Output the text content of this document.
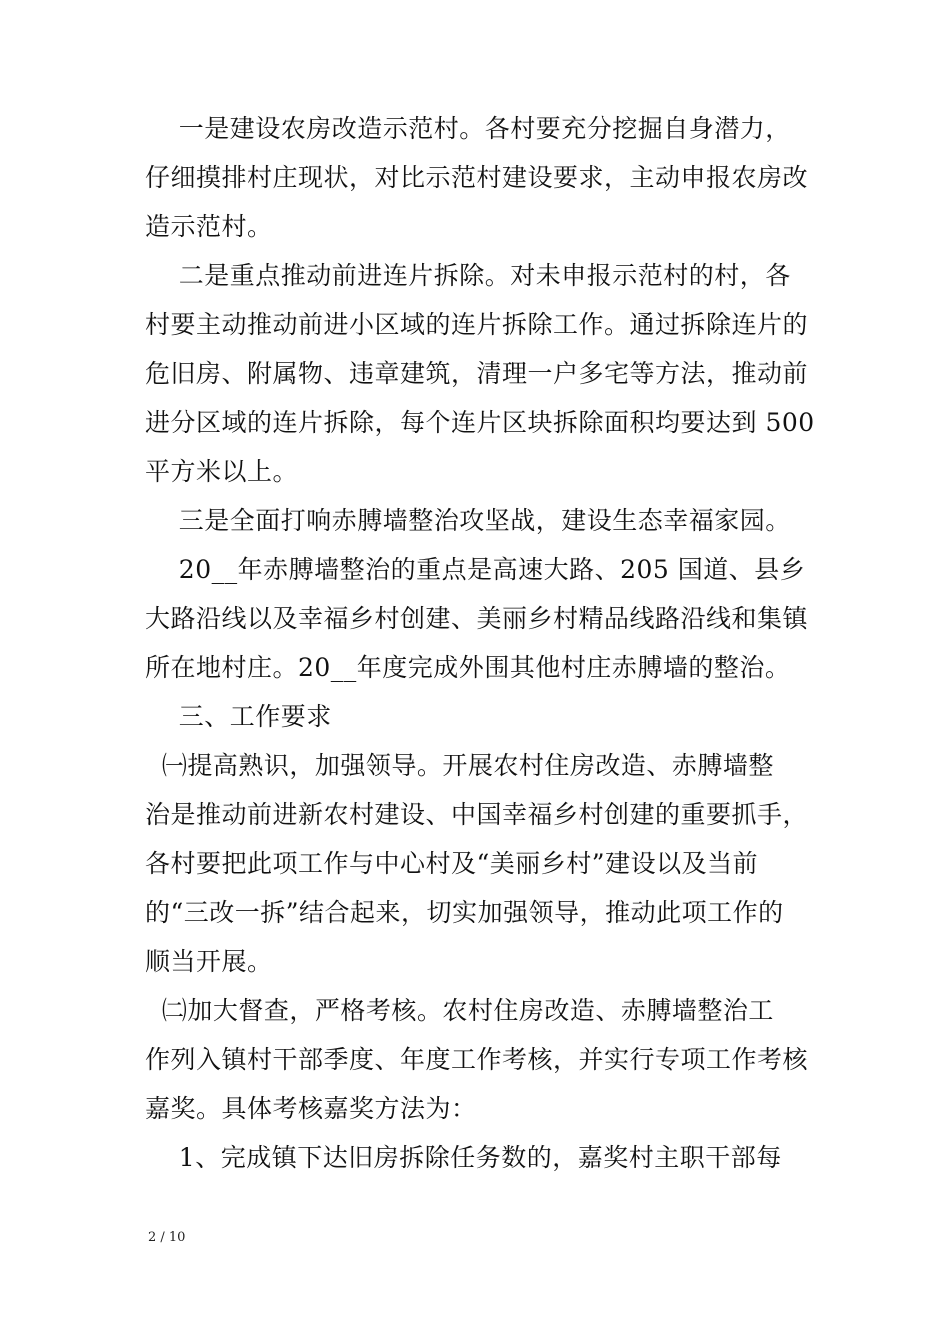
一是建设农房改造示范村。各村要充分挖掘自身潜力，
仔细摸排村庄现状，对比示范村建设要求，主动申报农房改
造示范村。
二是重点推动前进连片拆除。对未申报示范村的村，各
村要主动推动前进小区域的连片拆除工作。通过拆除连片的
危旧房、附属物、违章建筑，清理一户多宅等方法，推动前
进分区域的连片拆除，每个连片区块拆除面积均要达到 500
平方米以上。
三是全面打响赤膊墙整治攻坚战，建设生态幸福家园。
20__年赤膊墙整治的重点是高速大路、205 国道、县乡
大路沿线以及幸福乡村创建、美丽乡村精品线路沿线和集镇
所在地村庄。20__年度完成外围其他村庄赤膊墙的整治。
三、工作要求
㈠提高熟识，加强领导。开展农村住房改造、赤膊墙整
治是推动前进新农村建设、中国幸福乡村创建的重要抓手，
各村要把此项工作与中心村及“美丽乡村”建设以及当前
的“三改一拆”结合起来，切实加强领导，推动此项工作的
顺当开展。
㈡加大督查，严格考核。农村住房改造、赤膊墙整治工
作列入镇村干部季度、年度工作考核，并实行专项工作考核
嘉奖。具体考核嘉奖方法为：
1、完成镇下达旧房拆除任务数的，嘉奖村主职干部每
2 / 10
